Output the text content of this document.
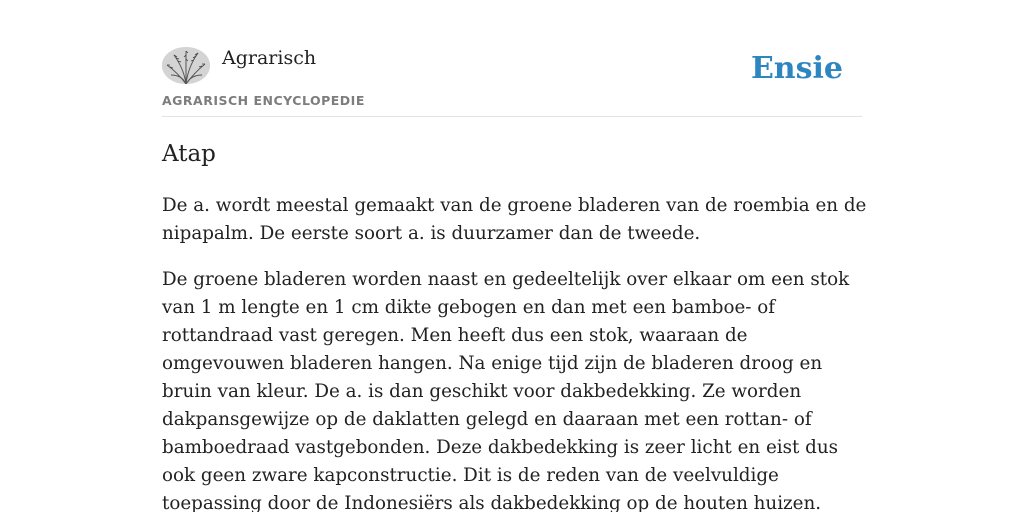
Agrarisch
AGRARISCH ENCYCLOPEDIE
Ensie
Atap

De a. wordt meestal gemaakt van de groene bladeren van de roembia en de nipapalm. De eerste soort a. is duurzamer dan de tweede.

De groene bladeren worden naast en gedeeltelijk over elkaar om een stok van 1 m lengte en 1 cm dikte gebogen en dan met een bamboe- of rottandraad vast geregen. Men heeft dus een stok, waaraan de omgevouwen bladeren hangen. Na enige tijd zijn de bladeren droog en bruin van kleur. De a. is dan geschikt voor dakbedekking. Ze worden dakpansgewijze op de daklatten gelegd en daaraan met een rottan- of bamboedraad vastgebonden. Deze dakbedekking is zeer licht en eist dus ook geen zware kapconstructie. Dit is de reden van de veelvuldige toepassing door de Indonesiërs als dakbedekking op de houten huizen.
